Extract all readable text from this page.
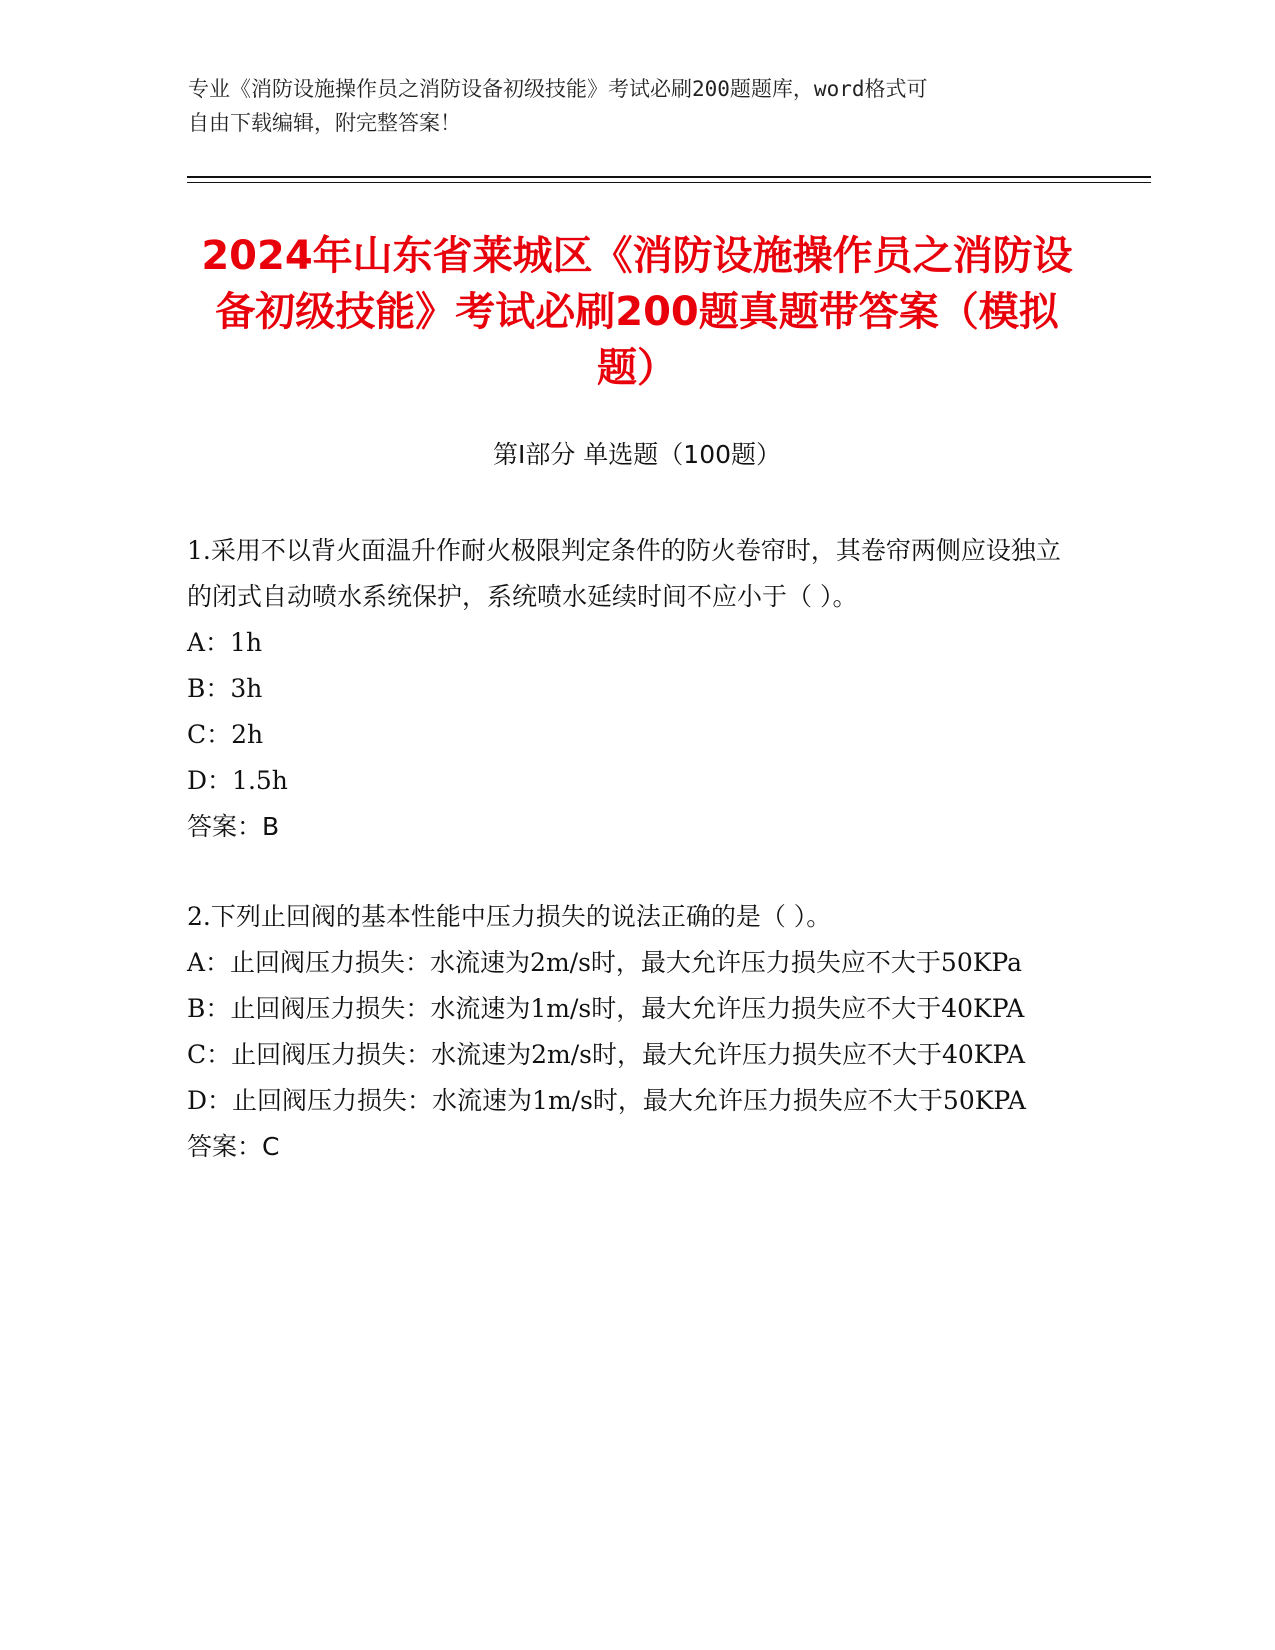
专业《消防设施操作员之消防设备初级技能》考试必刷200题题库，word格式可
自由下载编辑，附完整答案！
2024年山东省莱城区《消防设施操作员之消防设备初级技能》考试必刷200题真题带答案（模拟题）
第Ⅰ部分 单选题（100题）
1.采用不以背火面温升作耐火极限判定条件的防火卷帘时，其卷帘两侧应设独立的闭式自动喷水系统保护，系统喷水延续时间不应小于（ ）。
A：1h
B：3h
C：2h
D：1.5h
答案：B
2.下列止回阀的基本性能中压力损失的说法正确的是（ ）。
A：止回阀压力损失：水流速为2m/s时，最大允许压力损失应不大于50KPa
B：止回阀压力损失：水流速为1m/s时，最大允许压力损失应不大于40KPA
C：止回阀压力损失：水流速为2m/s时，最大允许压力损失应不大于40KPA
D：止回阀压力损失：水流速为1m/s时，最大允许压力损失应不大于50KPA
答案：C
